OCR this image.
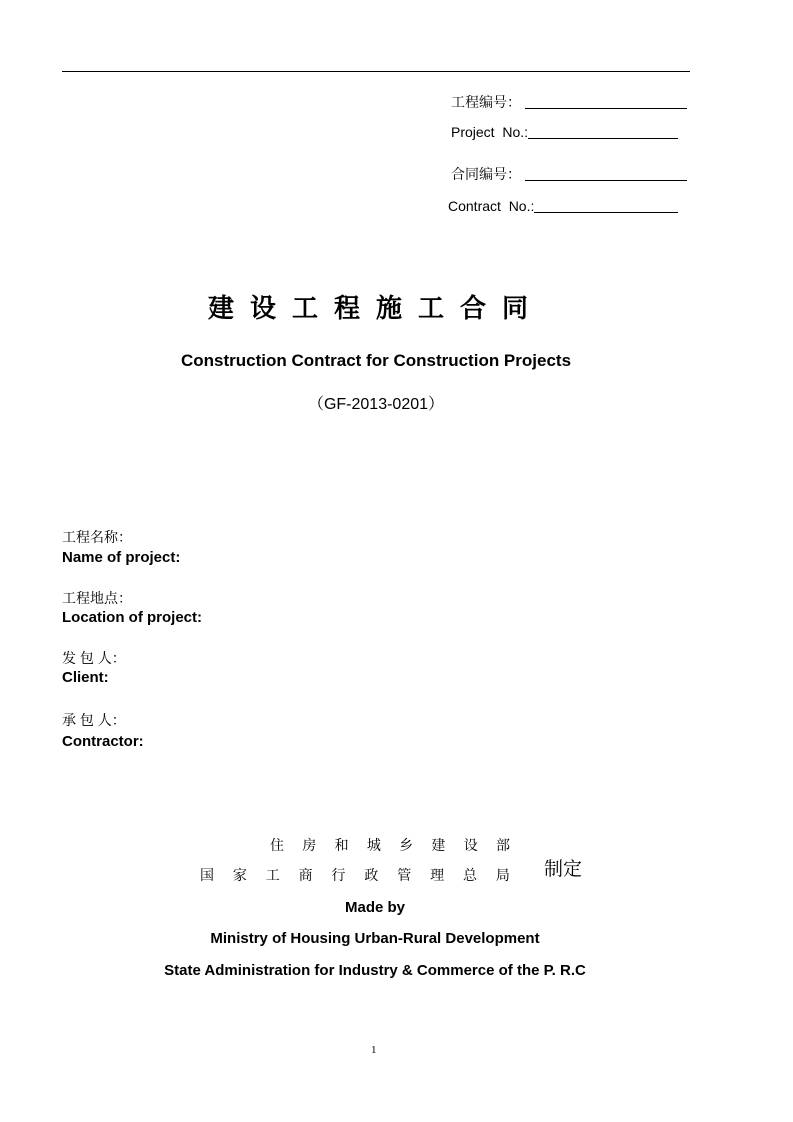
工程编号：
Project  No.:
合同编号：
Contract  No.:
建设工程施工合同
Construction Contract for Construction Projects
（GF-2013-0201）
工程名称：
Name of project:
工程地点：
Location of project:
发 包 人：
Client:
承 包 人：
Contractor:
住 房 和 城 乡 建 设 部
国 家 工 商 行 政 管 理 总 局 制定
Made by
Ministry of Housing Urban-Rural Development
State Administration for Industry & Commerce of the P. R.C
1
